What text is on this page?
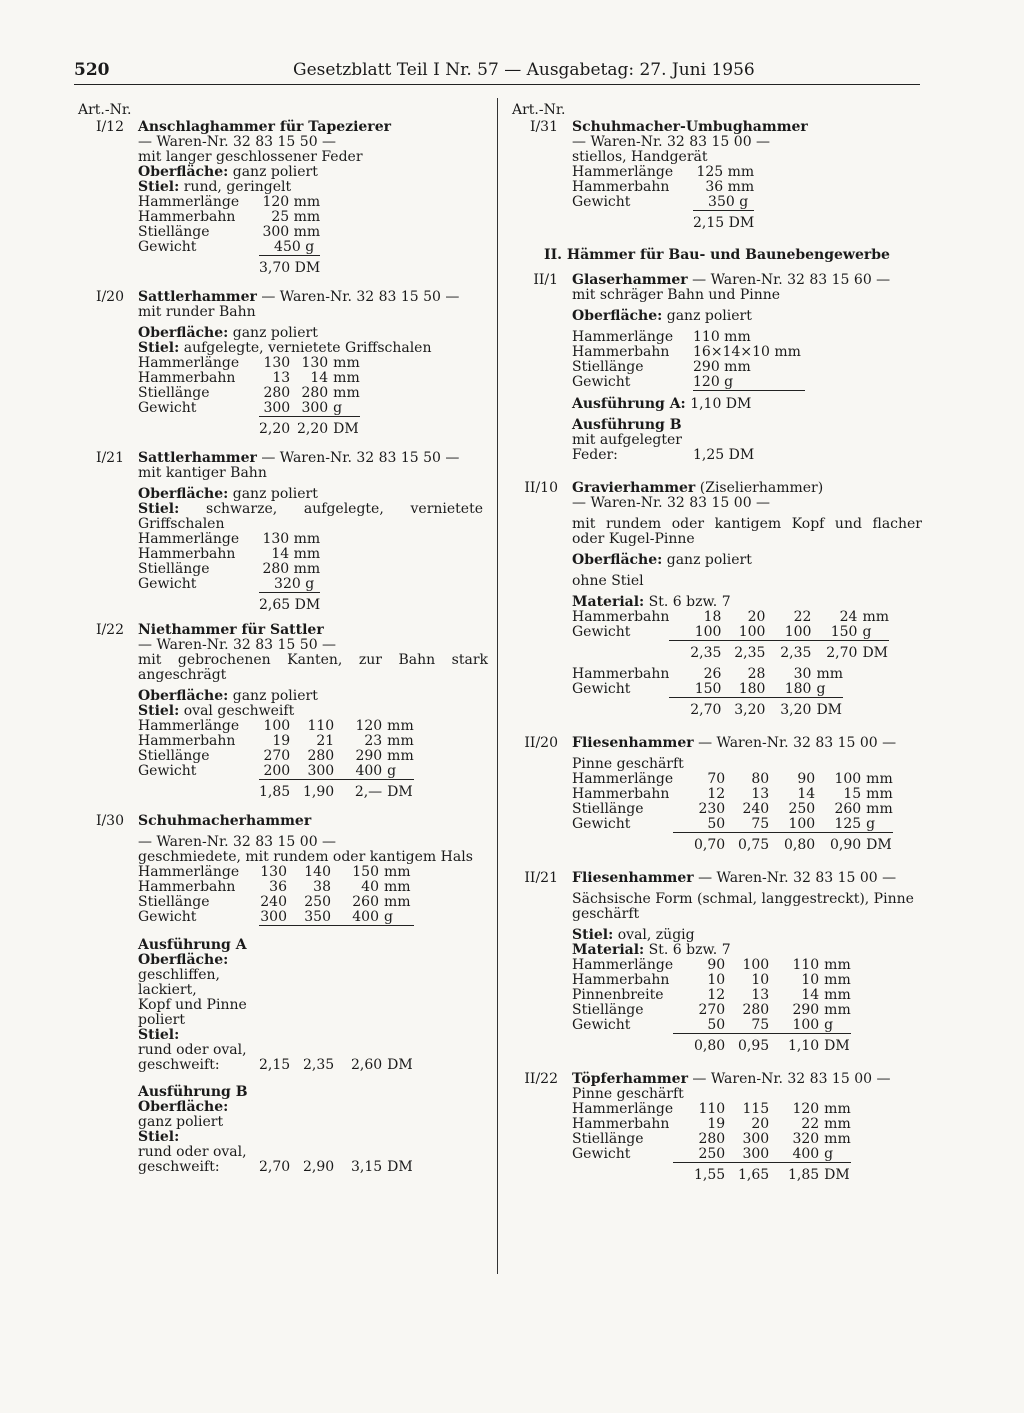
520	Gesetzblatt Teil I Nr. 57 — Ausgabetag: 27. Juni 1956
Art.-Nr.
I/12 Anschlaghammer für Tapezierer
— Waren-Nr. 32 83 15 50 —
mit langer geschlossener Feder
Oberfläche: ganz poliert
Stiel: rund, geringelt
Hammerlänge	120 mm
Hammerbahn	25 mm
Stiellänge	300 mm
Gewicht	450 g
	3,70 DM
I/20 Sattlerhammer — Waren-Nr. 32 83 15 50 —
mit runder Bahn
Oberfläche: ganz poliert
Stiel: aufgelegte, vernietete Griffschalen
Hammerlänge	130	130	mm
Hammerbahn	13	14	mm
Stiellänge	280	280	mm
Gewicht	300	300	g
	2,20	2,20	DM
I/21 Sattlerhammer — Waren-Nr. 32 83 15 50 —
mit kantiger Bahn
Oberfläche: ganz poliert
Stiel: schwarze, aufgelegte, vernietete Griffschalen
Hammerlänge	130 mm
Hammerbahn	14 mm
Stiellänge	280 mm
Gewicht	320 g
	2,65 DM
I/22 Niethammer für Sattler
— Waren-Nr. 32 83 15 50 —
mit gebrochenen Kanten, zur Bahn stark angeschrägt
Oberfläche: ganz poliert
Stiel: oval geschweift
Hammerlänge	100	110	120	mm
Hammerbahn	19	21	23	mm
Stiellänge	270	280	290	mm
Gewicht	200	300	400	g
	1,85	1,90	2,—	DM
I/30 Schuhmacherhammer
— Waren-Nr. 32 83 15 00 —
geschmiedete, mit rundem oder kantigem Hals
Hammerlänge	130	140	150	mm
Hammerbahn	36	38	40	mm
Stiellänge	240	250	260	mm
Gewicht	300	350	400	g
Ausführung A
Oberfläche:
geschliffen,
lackiert,
Kopf und Pinne
poliert
Stiel:
rund oder oval,
geschweift:	2,15	2,35	2,60	DM
Ausführung B
Oberfläche:
ganz poliert
Stiel:
rund oder oval,
geschweift:	2,70	2,90	3,15	DM
Art.-Nr.
I/31 Schuhmacher-Umbughammer
— Waren-Nr. 32 83 15 00 —
stiellos, Handgerät
Hammerlänge	125 mm
Hammerbahn	36 mm
Gewicht	350 g
	2,15 DM
II. Hämmer für Bau- und Baunebengewerbe
II/1 Glaserhammer — Waren-Nr. 32 83 15 60 —
mit schräger Bahn und Pinne
Oberfläche: ganz poliert
Hammerlänge	110 mm
Hammerbahn	16×14×10 mm
Stiellänge	290 mm
Gewicht	120 g
Ausführung A: 1,10 DM
Ausführung B
mit aufgelegter
Feder:	1,25 DM
II/10 Gravierhammer (Ziselierhammer)
— Waren-Nr. 32 83 15 00 —
mit rundem oder kantigem Kopf und flacher oder Kugel-Pinne
Oberfläche: ganz poliert
ohne Stiel
Material: St. 6 bzw. 7
Hammerbahn	18	20	22	24	mm
Gewicht	100	100	100	150	g
	2,35	2,35	2,35	2,70	DM
Hammerbahn	26	28	30	mm
Gewicht	150	180	180	g
	2,70	3,20	3,20	DM
II/20 Fliesenhammer — Waren-Nr. 32 83 15 00 —
Pinne geschärft
Hammerlänge	70	80	90	100	mm
Hammerbahn	12	13	14	15	mm
Stiellänge	230	240	250	260	mm
Gewicht	50	75	100	125	g
	0,70	0,75	0,80	0,90	DM
II/21 Fliesenhammer — Waren-Nr. 32 83 15 00 —
Sächsische Form (schmal, langgestreckt), Pinne geschärft
Stiel: oval, zügig
Material: St. 6 bzw. 7
Hammerlänge	90	100	110	mm
Hammerbahn	10	10	10	mm
Pinnenbreite	12	13	14	mm
Stiellänge	270	280	290	mm
Gewicht	50	75	100	g
	0,80	0,95	1,10	DM
II/22 Töpferhammer — Waren-Nr. 32 83 15 00 —
Pinne geschärft
Hammerlänge	110	115	120	mm
Hammerbahn	19	20	22	mm
Stiellänge	280	300	320	mm
Gewicht	250	300	400	g
	1,55	1,65	1,85	DM
